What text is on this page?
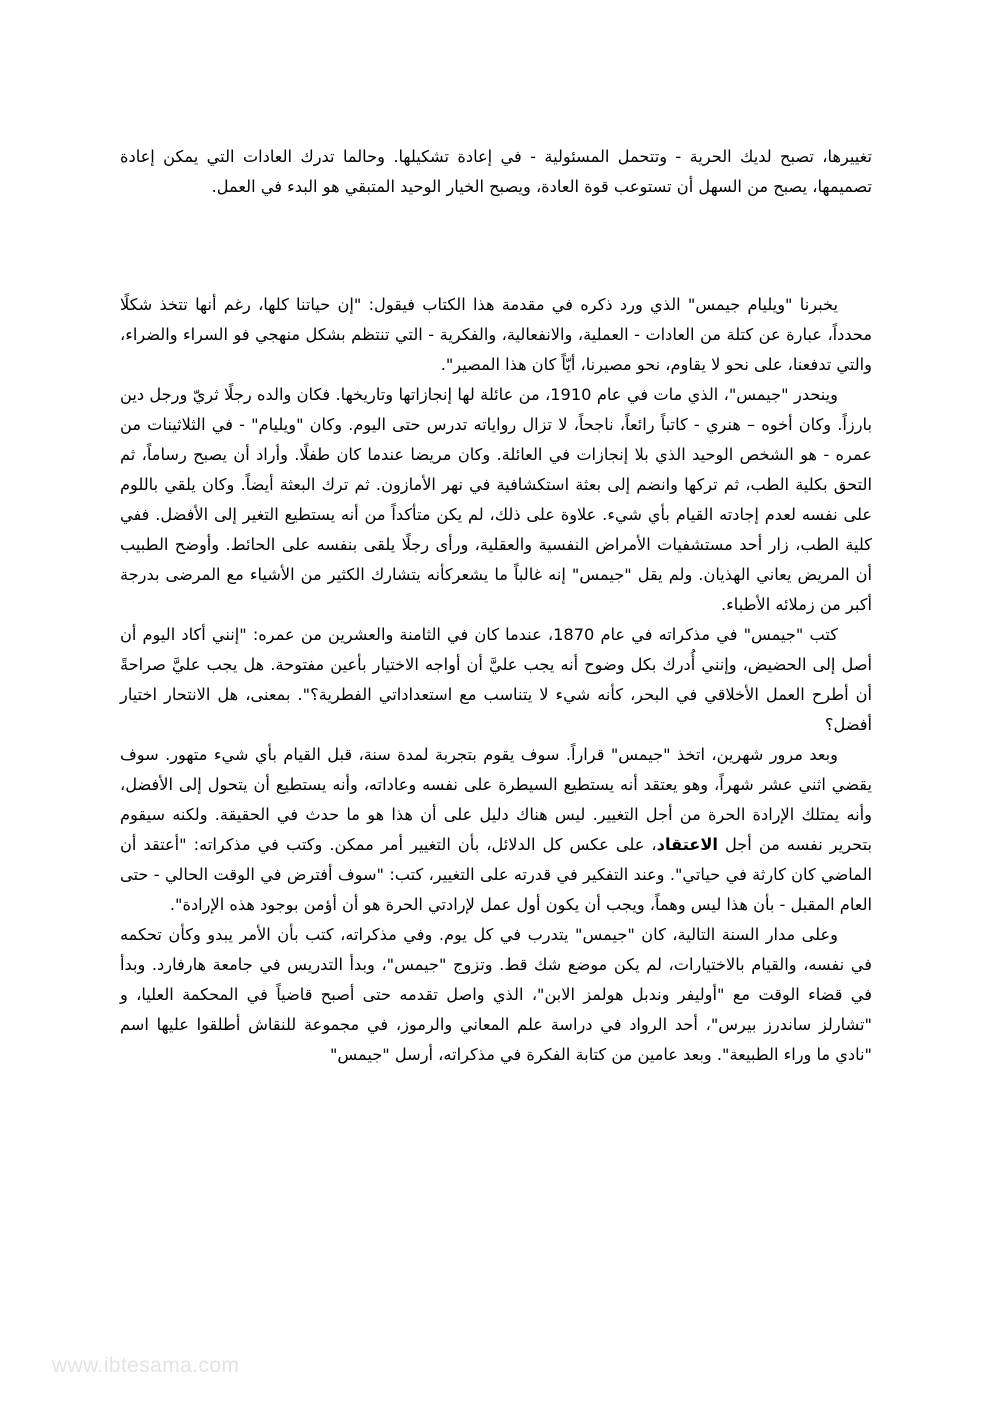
تغييرها، تصبح لديك الحرية - وتتحمل المسئولية - في إعادة تشكيلها. وحالما تدرك العادات التي يمكن إعادة تصميمها، يصبح من السهل أن تستوعب قوة العادة، ويصبح الخيار الوحيد المتبقي هو البدء في العمل.

يخبرنا "ويليام جيمس" الذي ورد ذكره في مقدمة هذا الكتاب فيقول: "إن حياتنا كلها، رغم أنها تتخذ شكلًا محدداً، عبارة عن كتلة من العادات - العملية، والانفعالية، والفكرية - التي تنتظم بشكل منهجي فو السراء والضراء، والتي تدفعنا، على نحو لا يقاوم، نحو مصيرنا، أيّاً كان هذا المصير".

وينحدر "جيمس"، الذي مات في عام 1910، من عائلة لها إنجازاتها وتاريخها. فكان والده رجلًا ثريّ ورجل دين بارزاً. وكان أخوه – هنري - كاتباً رائعاً، ناجحاً، لا تزال رواياته تدرس حتى اليوم. وكان "ويليام" - في الثلاثينات من عمره - هو الشخص الوحيد الذي بلا إنجازات في العائلة. وكان مريضا عندما كان طفلًا. وأراد أن يصبح رساماً، ثم التحق بكلية الطب، ثم تركها وانضم إلى بعثة استكشافية في نهر الأمازون. ثم ترك البعثة أيضاً. وكان يلقي باللوم على نفسه لعدم إجادته القيام بأي شيء. علاوة على ذلك، لم يكن متأكداً من أنه يستطيع التغير إلى الأفضل. ففي كلية الطب، زار أحد مستشفيات الأمراض النفسية والعقلية، ورأى رجلًا يلقى بنفسه على الحائط. وأوضح الطبيب أن المريض يعاني الهذيان. ولم يقل "جيمس" إنه غالباً ما يشعركأنه يتشارك الكثير من الأشياء مع المرضى بدرجة أكبر من زملائه الأطباء.

كتب "جيمس" في مذكراته في عام 1870، عندما كان في الثامنة والعشرين من عمره: "إنني أكاد اليوم أن أصل إلى الحضيض، وإنني أُدرك بكل وضوح أنه يجب عليَّ أن أواجه الاختيار بأعين مفتوحة. هل يجب عليَّ صراحةً أن أطرح العمل الأخلاقي في البحر، كأنه شيء لا يتناسب مع استعداداتي الفطرية؟". بمعنى، هل الانتحار اختيار أفضل؟

وبعد مرور شهرين، اتخذ "جيمس" قراراً. سوف يقوم بتجربة لمدة سنة، قبل القيام بأي شيء متهور. سوف يقضي اثني عشر شهراً، وهو يعتقد أنه يستطيع السيطرة على نفسه وعاداته، وأنه يستطيع أن يتحول إلى الأفضل، وأنه يمتلك الإرادة الحرة من أجل التغيير. ليس هناك دليل على أن هذا هو ما حدث في الحقيقة. ولكنه سيقوم بتحرير نفسه من أجل الاعتقاد، على عكس كل الدلائل، بأن التغيير أمر ممكن. وكتب في مذكراته: "أعتقد أن الماضي كان كارثة في حياتي". وعند التفكير في قدرته على التغيير، كتب: "سوف أفترض في الوقت الحالي - حتى العام المقبل - بأن هذا ليس وهماً، ويجب أن يكون أول عمل لإرادتي الحرة هو أن أؤمن بوجود هذه الإرادة".

وعلى مدار السنة التالية، كان "جيمس" يتدرب في كل يوم. وفي مذكراته، كتب بأن الأمر يبدو وكأن تحكمه في نفسه، والقيام بالاختيارات، لم يكن موضع شك قط. وتزوج "جيمس"، وبدأ التدريس في جامعة هارفارد. وبدأ في قضاء الوقت مع "أوليفر وندبل هولمز الابن"، الذي واصل تقدمه حتى أصبح قاضياً في المحكمة العليا، و "تشارلز ساندرز بيرس"، أحد الرواد في دراسة علم المعاني والرموز، في مجموعة للنقاش أطلقوا عليها اسم "نادي ما وراء الطبيعة". وبعد عامين من كتابة الفكرة في مذكراته، أرسل "جيمس"

www.ibtesama.com
